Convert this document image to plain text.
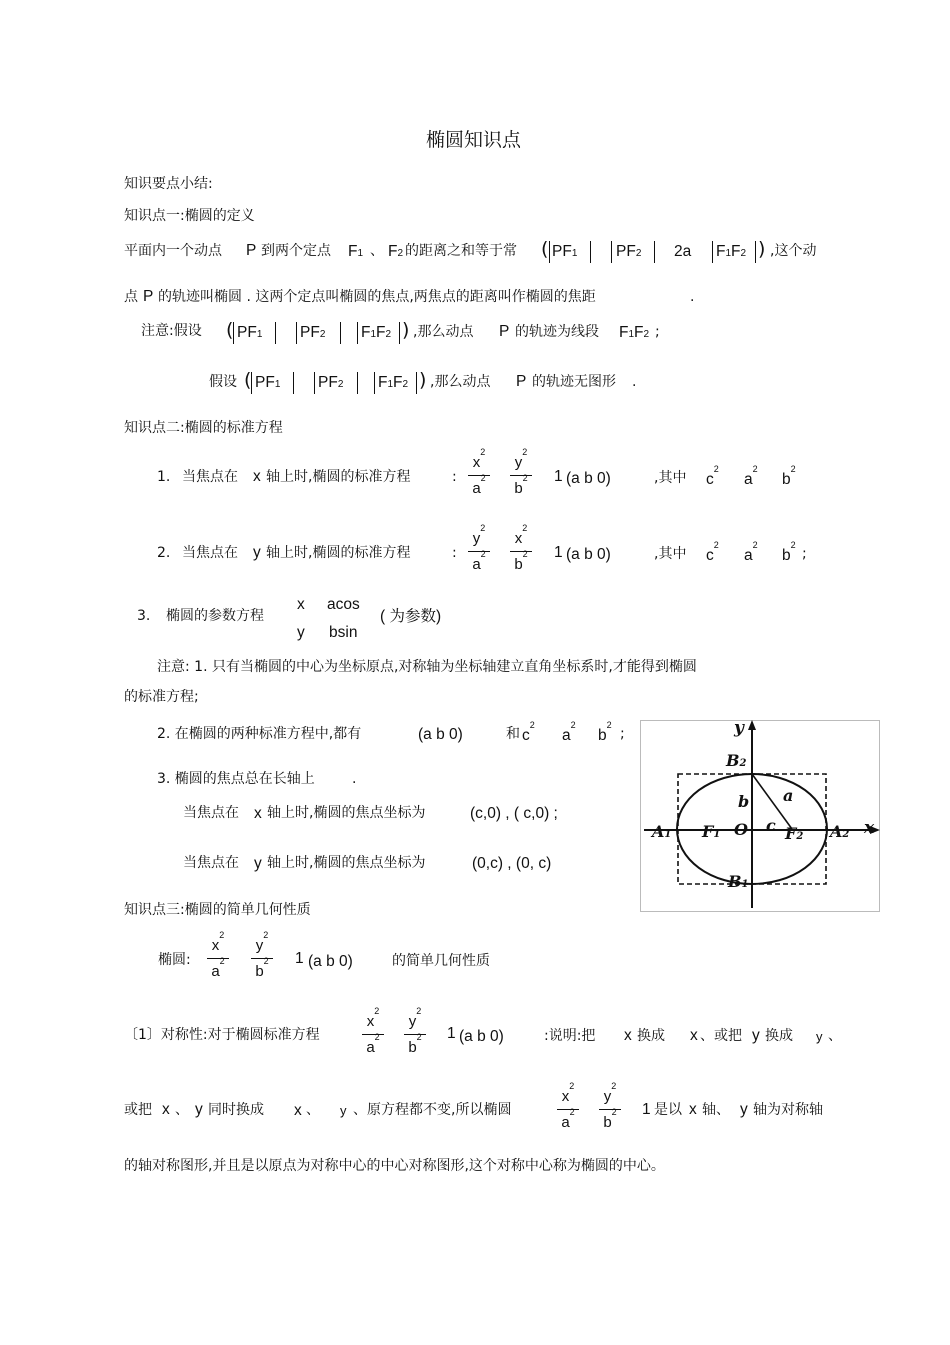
椭圆知识点
知识要点小结:
知识点一:椭圆的定义
平面内一个动点 P 到两个定点 F1 、 F2 的距离之和等于常 ( PF1 PF2 2a F1F2 ) ,这个动
点 P 的轨迹叫椭圆 . 这两个定点叫椭圆的焦点,两焦点的距离叫作椭圆的焦距	.
注意:假设 ( PF1 PF2 F1F2 ) ,那么动点 P 的轨迹为线段 F1F2 ;
假设 ( PF1 PF2 F1F2 ) ,那么动点 P 的轨迹无图形 .
知识点二:椭圆的标准方程
1. 当焦点在 x 轴上时,椭圆的标准方程	:
$x^2$
$a^2$
$y^2$
$b^2$ 1 (a b 0)	,其中 $c^2$
$a^2$
$b^2$
2. 当焦点在 y 轴上时,椭圆的标准方程	:
$y^2$
$a^2$
$x^2$
$b^2$ 1 (a b 0)	,其中 $c^2$
$a^2$
$b^2$
;
3. 椭圆的参数方程
x acos
y bsin
( 为参数)
注意: 1. 只有当椭圆的中心为坐标原点,对称轴为坐标轴建立直角坐标系时,才能得到椭圆
的标准方程;
2. 在椭圆的两种标准方程中,都有	(a b 0)	和 $c^2$
$a^2$
$b^2$
;
3. 椭圆的焦点总在长轴上	.
当焦点在 x 轴上时,椭圆的焦点坐标为	(c,0) , ( c,0) ;
当焦点在 y 轴上时,椭圆的焦点坐标为	(0,c) , (0, c)
y
x
B2
B1
A1	A2
F1	F2
O
a
b
c
知识点三:椭圆的简单几何性质
椭圆:
$x^2$
$a^2$
$y^2$
$b^2$ 1 (a b 0)	的简单几何性质
〔1〕对称性:对于椭圆标准方程
$x^2$
$a^2$
$y^2$
$b^2$ 1 (a b 0)	:说明:把 x 换成 x 、或把 y 换成 y 、
或把 x 、 y 同时换成 x 、 y 、原方程都不变,所以椭圆
$x^2$
$a^2$
$y^2$
$b^2$ 1 是以 x 轴、 y 轴为对称轴
的轴对称图形,并且是以原点为对称中心的中心对称图形,这个对称中心称为椭圆的中心。
